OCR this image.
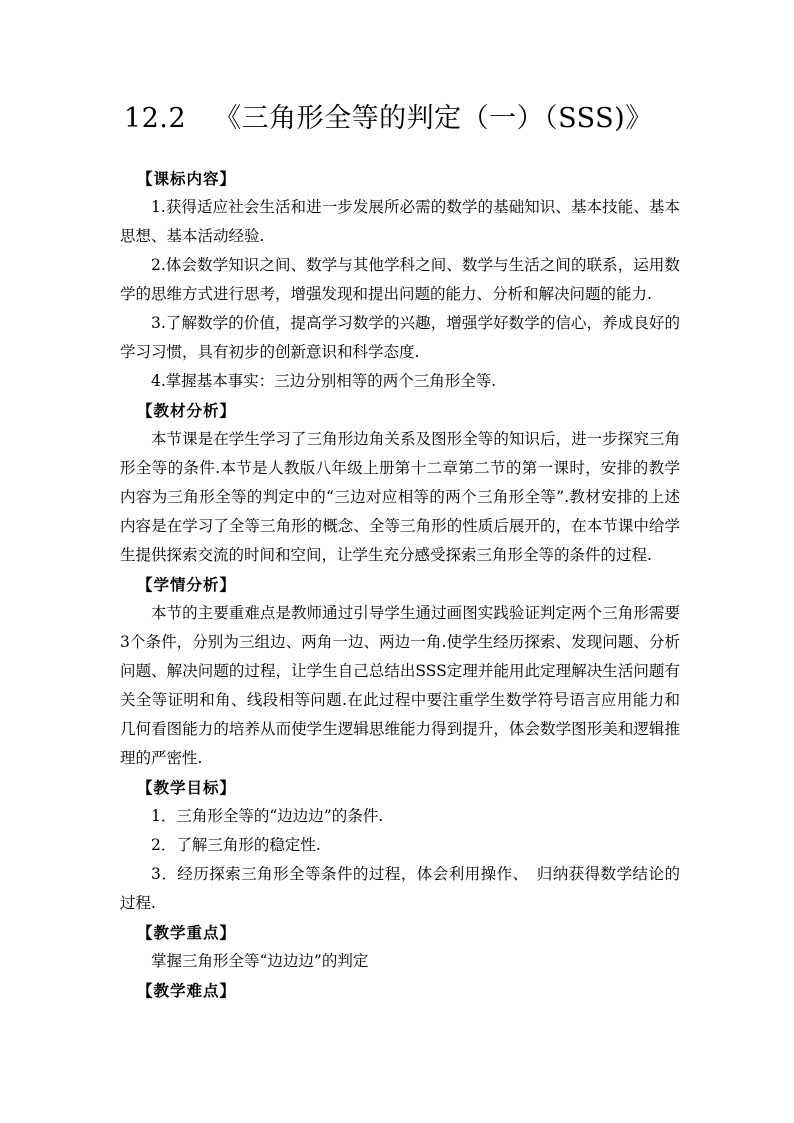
12.2 《三角形全等的判定（一）（SSS)》
【课标内容】

1.获得适应社会生活和进一步发展所必需的数学的基础知识、基本技能、基本思想、基本活动经验.

2.体会数学知识之间、数学与其他学科之间、数学与生活之间的联系，运用数学的思维方式进行思考，增强发现和提出问题的能力、分析和解决问题的能力.

3.了解数学的价值，提高学习数学的兴趣，增强学好数学的信心，养成良好的学习习惯，具有初步的创新意识和科学态度.

4.掌握基本事实：三边分别相等的两个三角形全等.

【教材分析】

本节课是在学生学习了三角形边角关系及图形全等的知识后，进一步探究三角形全等的条件.本节是人教版八年级上册第十二章第二节的第一课时，安排的教学内容为三角形全等的判定中的“三边对应相等的两个三角形全等”.教材安排的上述内容是在学习了全等三角形的概念、全等三角形的性质后展开的，在本节课中给学生提供探索交流的时间和空间，让学生充分感受探索三角形全等的条件的过程.

【学情分析】

本节的主要重难点是教师通过引导学生通过画图实践验证判定两个三角形需要3个条件，分别为三组边、两角一边、两边一角.使学生经历探索、发现问题、分析问题、解决问题的过程，让学生自己总结出SSS定理并能用此定理解决生活问题有关全等证明和角、线段相等问题.在此过程中要注重学生数学符号语言应用能力和几何看图能力的培养从而使学生逻辑思维能力得到提升，体会数学图形美和逻辑推理的严密性.

【教学目标】

1．三角形全等的“边边边”的条件.

2．了解三角形的稳定性.

3．经历探索三角形全等条件的过程，体会利用操作、　归纳获得数学结论的过程.

【教学重点】

掌握三角形全等“边边边”的判定

【教学难点】
